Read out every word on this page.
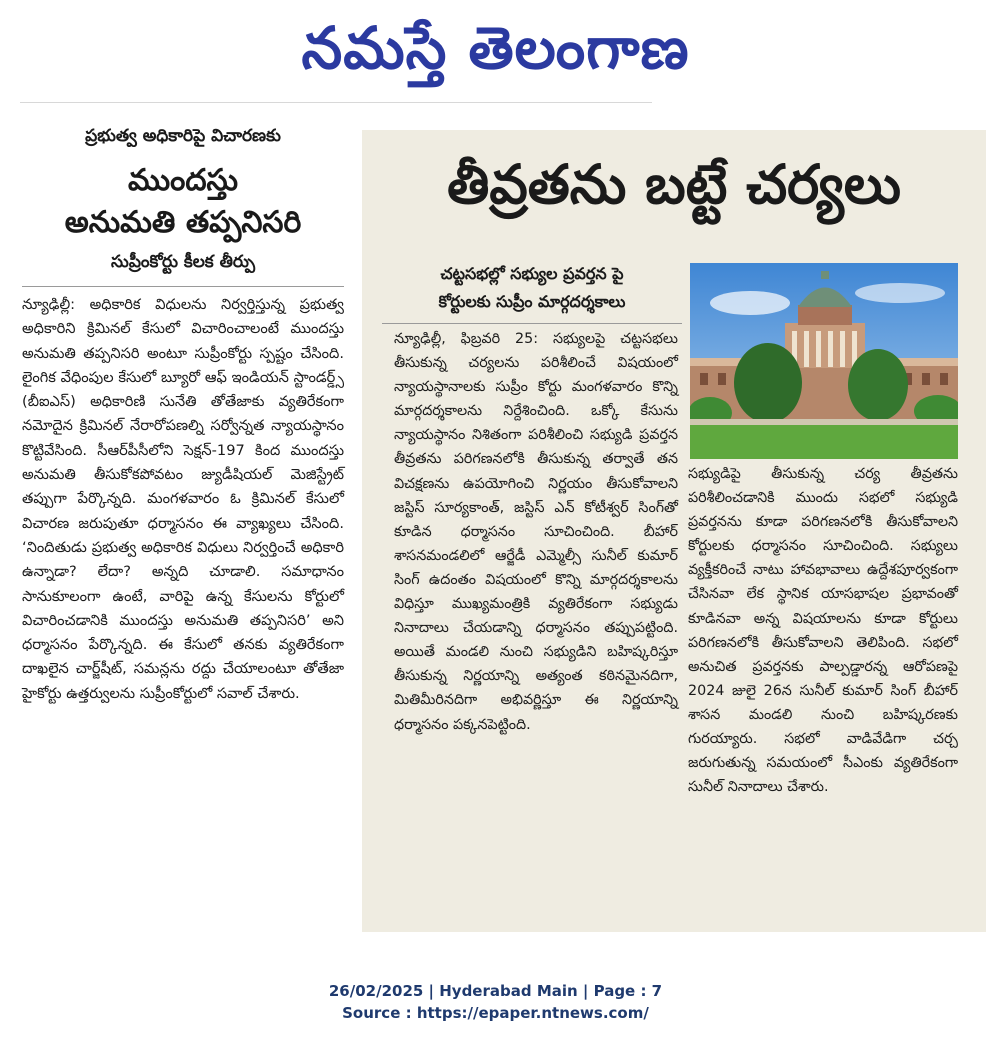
నమస్తే తెలంగాణ
ప్రభుత్వ అధికారిపై విచారణకు
ముందస్తు
అనుమతి తప్పనిసరి
సుప్రీంకోర్టు కీలక తీర్పు

న్యూఢిల్లీ: అధికారిక విధులను నిర్వర్తిస్తున్న ప్రభుత్వ అధికారిని క్రిమినల్ కేసులో విచారించాలంటే ముందస్తు అనుమతి తప్పనిసరి అంటూ సుప్రీంకోర్టు స్పష్టం చేసింది. లైంగిక వేధింపుల కేసులో బ్యూరో ఆఫ్ ఇండియన్ స్టాండర్డ్స్ (బీఐఎస్) అధికారిణి సునేతి తోతేజాకు వ్యతిరేకంగా నమోదైన క్రిమినల్ నేరారోపణల్ని సర్వోన్నత న్యాయస్థానం కొట్టివేసింది. సీఆర్‌పీసీలోని సెక్షన్-197 కింద ముందస్తు అనుమతి తీసుకోకపోవటం జ్యుడీషియల్ మెజిస్ట్రేట్ తప్పుగా పేర్కొన్నది. మంగళవారం ఓ క్రిమినల్ కేసులో విచారణ జరుపుతూ ధర్మాసనం ఈ వ్యాఖ్యలు చేసింది. ‘నిందితుడు ప్రభుత్వ అధికారిక విధులు నిర్వర్తించే అధికారి ఉన్నాడా? లేదా? అన్నది చూడాలి. సమాధానం సానుకూలంగా ఉంటే, వారిపై ఉన్న కేసులను కోర్టులో విచారించడానికి ముందస్తు అనుమతి తప్పనిసరి’ అని ధర్మాసనం పేర్కొన్నది. ఈ కేసులో తనకు వ్యతిరేకంగా దాఖలైన చార్జ్‌షీట్, సమన్లను రద్దు చేయాలంటూ తోతేజా హైకోర్టు ఉత్తర్వులను సుప్రీంకోర్టులో సవాల్ చేశారు.

తీవ్రతను బట్టే చర్యలు
చట్టసభల్లో సభ్యుల ప్రవర్తన పై
కోర్టులకు సుప్రీం మార్గదర్శకాలు
న్యూఢిల్లీ, ఫిబ్రవరి 25: సభ్యులపై చట్టసభలు తీసుకున్న చర్యలను పరిశీలించే విషయంలో న్యాయస్థానాలకు సుప్రీం కోర్టు మంగళవారం కొన్ని మార్గదర్శకాలను నిర్దేశించింది. ఒక్కో కేసును న్యాయస్థానం నిశితంగా పరిశీలించి సభ్యుడి ప్రవర్తన తీవ్రతను పరిగణనలోకి తీసుకున్న తర్వాతే తన విచక్షణను ఉపయోగించి నిర్ణయం తీసుకోవాలని జస్టిస్ సూర్యకాంత్, జస్టిస్ ఎన్ కోటీశ్వర్ సింగ్‌తో కూడిన ధర్మాసనం సూచించింది. బీహార్ శాసనమండలిలో ఆర్జేడీ ఎమ్మెల్సీ సునీల్ కుమార్ సింగ్ ఉదంతం విషయంలో కొన్ని మార్గదర్శకాలను విధిస్తూ ముఖ్యమంత్రికి వ్యతిరేకంగా సభ్యుడు నినాదాలు చేయడాన్ని ధర్మాసనం తప్పుపట్టింది. అయితే మండలి నుంచి సభ్యుడిని బహిష్కరిస్తూ తీసుకున్న నిర్ణయాన్ని అత్యంత కఠినమైనదిగా, మితిమీరినదిగా అభివర్ణిస్తూ ఈ నిర్ణయాన్ని ధర్మాసనం పక్కనపెట్టింది.
సభ్యుడిపై తీసుకున్న చర్య తీవ్రతను పరిశీలించడానికి ముందు సభలో సభ్యుడి ప్రవర్తనను కూడా పరిగణనలోకి తీసుకోవాలని కోర్టులకు ధర్మాసనం సూచించింది. సభ్యులు వ్యక్తీకరించే నాటు హావభావాలు ఉద్దేశపూర్వకంగా చేసినవా లేక స్థానిక యాసభాషల ప్రభావంతో కూడినవా అన్న విషయాలను కూడా కోర్టులు పరిగణనలోకి తీసుకోవాలని తెలిపింది. సభలో అనుచిత ప్రవర్తనకు పాల్పడ్డారన్న ఆరోపణపై 2024 జులై 26న సునీల్ కుమార్ సింగ్ బీహార్ శాసన మండలి నుంచి బహిష్కరణకు గురయ్యారు. సభలో వాడివేడిగా చర్చ జరుగుతున్న సమయంలో సీఎంకు వ్యతిరేకంగా సునీల్ నినాదాలు చేశారు.
26/02/2025 | Hyderabad Main | Page : 7
Source : https://epaper.ntnews.com/
